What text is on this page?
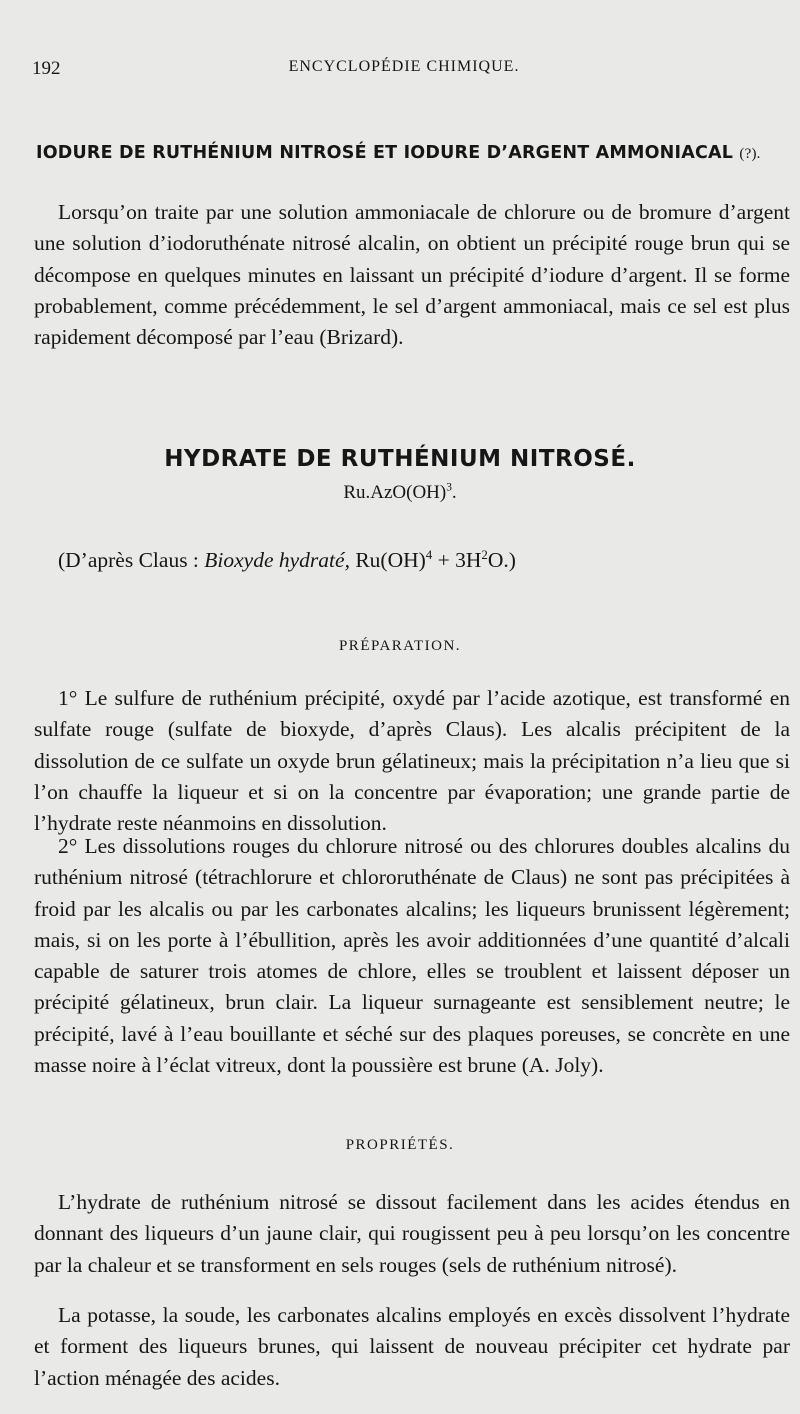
192	ENCYCLOPÉDIE CHIMIQUE.
IODURE DE RUTHÉNIUM NITROSÉ ET IODURE D’ARGENT AMMONIACAL (?).

Lorsqu’on traite par une solution ammoniacale de chlorure ou de bromure d’argent une solution d’iodoruthénate nitrosé alcalin, on obtient un précipité rouge brun qui se décompose en quelques minutes en laissant un précipité d’iodure d’argent. Il se forme probablement, comme précédemment, le sel d’argent ammoniacal, mais ce sel est plus rapidement décomposé par l’eau (Brizard).

HYDRATE DE RUTHÉNIUM NITROSÉ.
Ru.AzO(OH)$^3$.
(D’après Claus : Bioxyde hydraté, $Ru(OH)^4 + 3H^2O$.)
PRÉPARATION.

1° Le sulfure de ruthénium précipité, oxydé par l’acide azotique, est transformé en sulfate rouge (sulfate de bioxyde, d’après Claus). Les alcalis précipitent de la dissolution de ce sulfate un oxyde brun gélatineux; mais la précipitation n’a lieu que si l’on chauffe la liqueur et si on la concentre par évaporation; une grande partie de l’hydrate reste néanmoins en dissolution.

2° Les dissolutions rouges du chlorure nitrosé ou des chlorures doubles alcalins du ruthénium nitrosé (tétrachlorure et chlororuthénate de Claus) ne sont pas précipitées à froid par les alcalis ou par les carbonates alcalins; les liqueurs brunissent légèrement; mais, si on les porte à l’ébullition, après les avoir additionnées d’une quantité d’alcali capable de saturer trois atomes de chlore, elles se troublent et laissent déposer un précipité gélatineux, brun clair. La liqueur surnageante est sensiblement neutre; le précipité, lavé à l’eau bouillante et séché sur des plaques poreuses, se concrète en une masse noire à l’éclat vitreux, dont la poussière est brune (A. Joly).

PROPRIÉTÉS.

L’hydrate de ruthénium nitrosé se dissout facilement dans les acides étendus en donnant des liqueurs d’un jaune clair, qui rougissent peu à peu lorsqu’on les concentre par la chaleur et se transforment en sels rouges (sels de ruthénium nitrosé).

La potasse, la soude, les carbonates alcalins employés en excès dissolvent l’hydrate et forment des liqueurs brunes, qui laissent de nouveau précipiter cet hydrate par l’action ménagée des acides.
